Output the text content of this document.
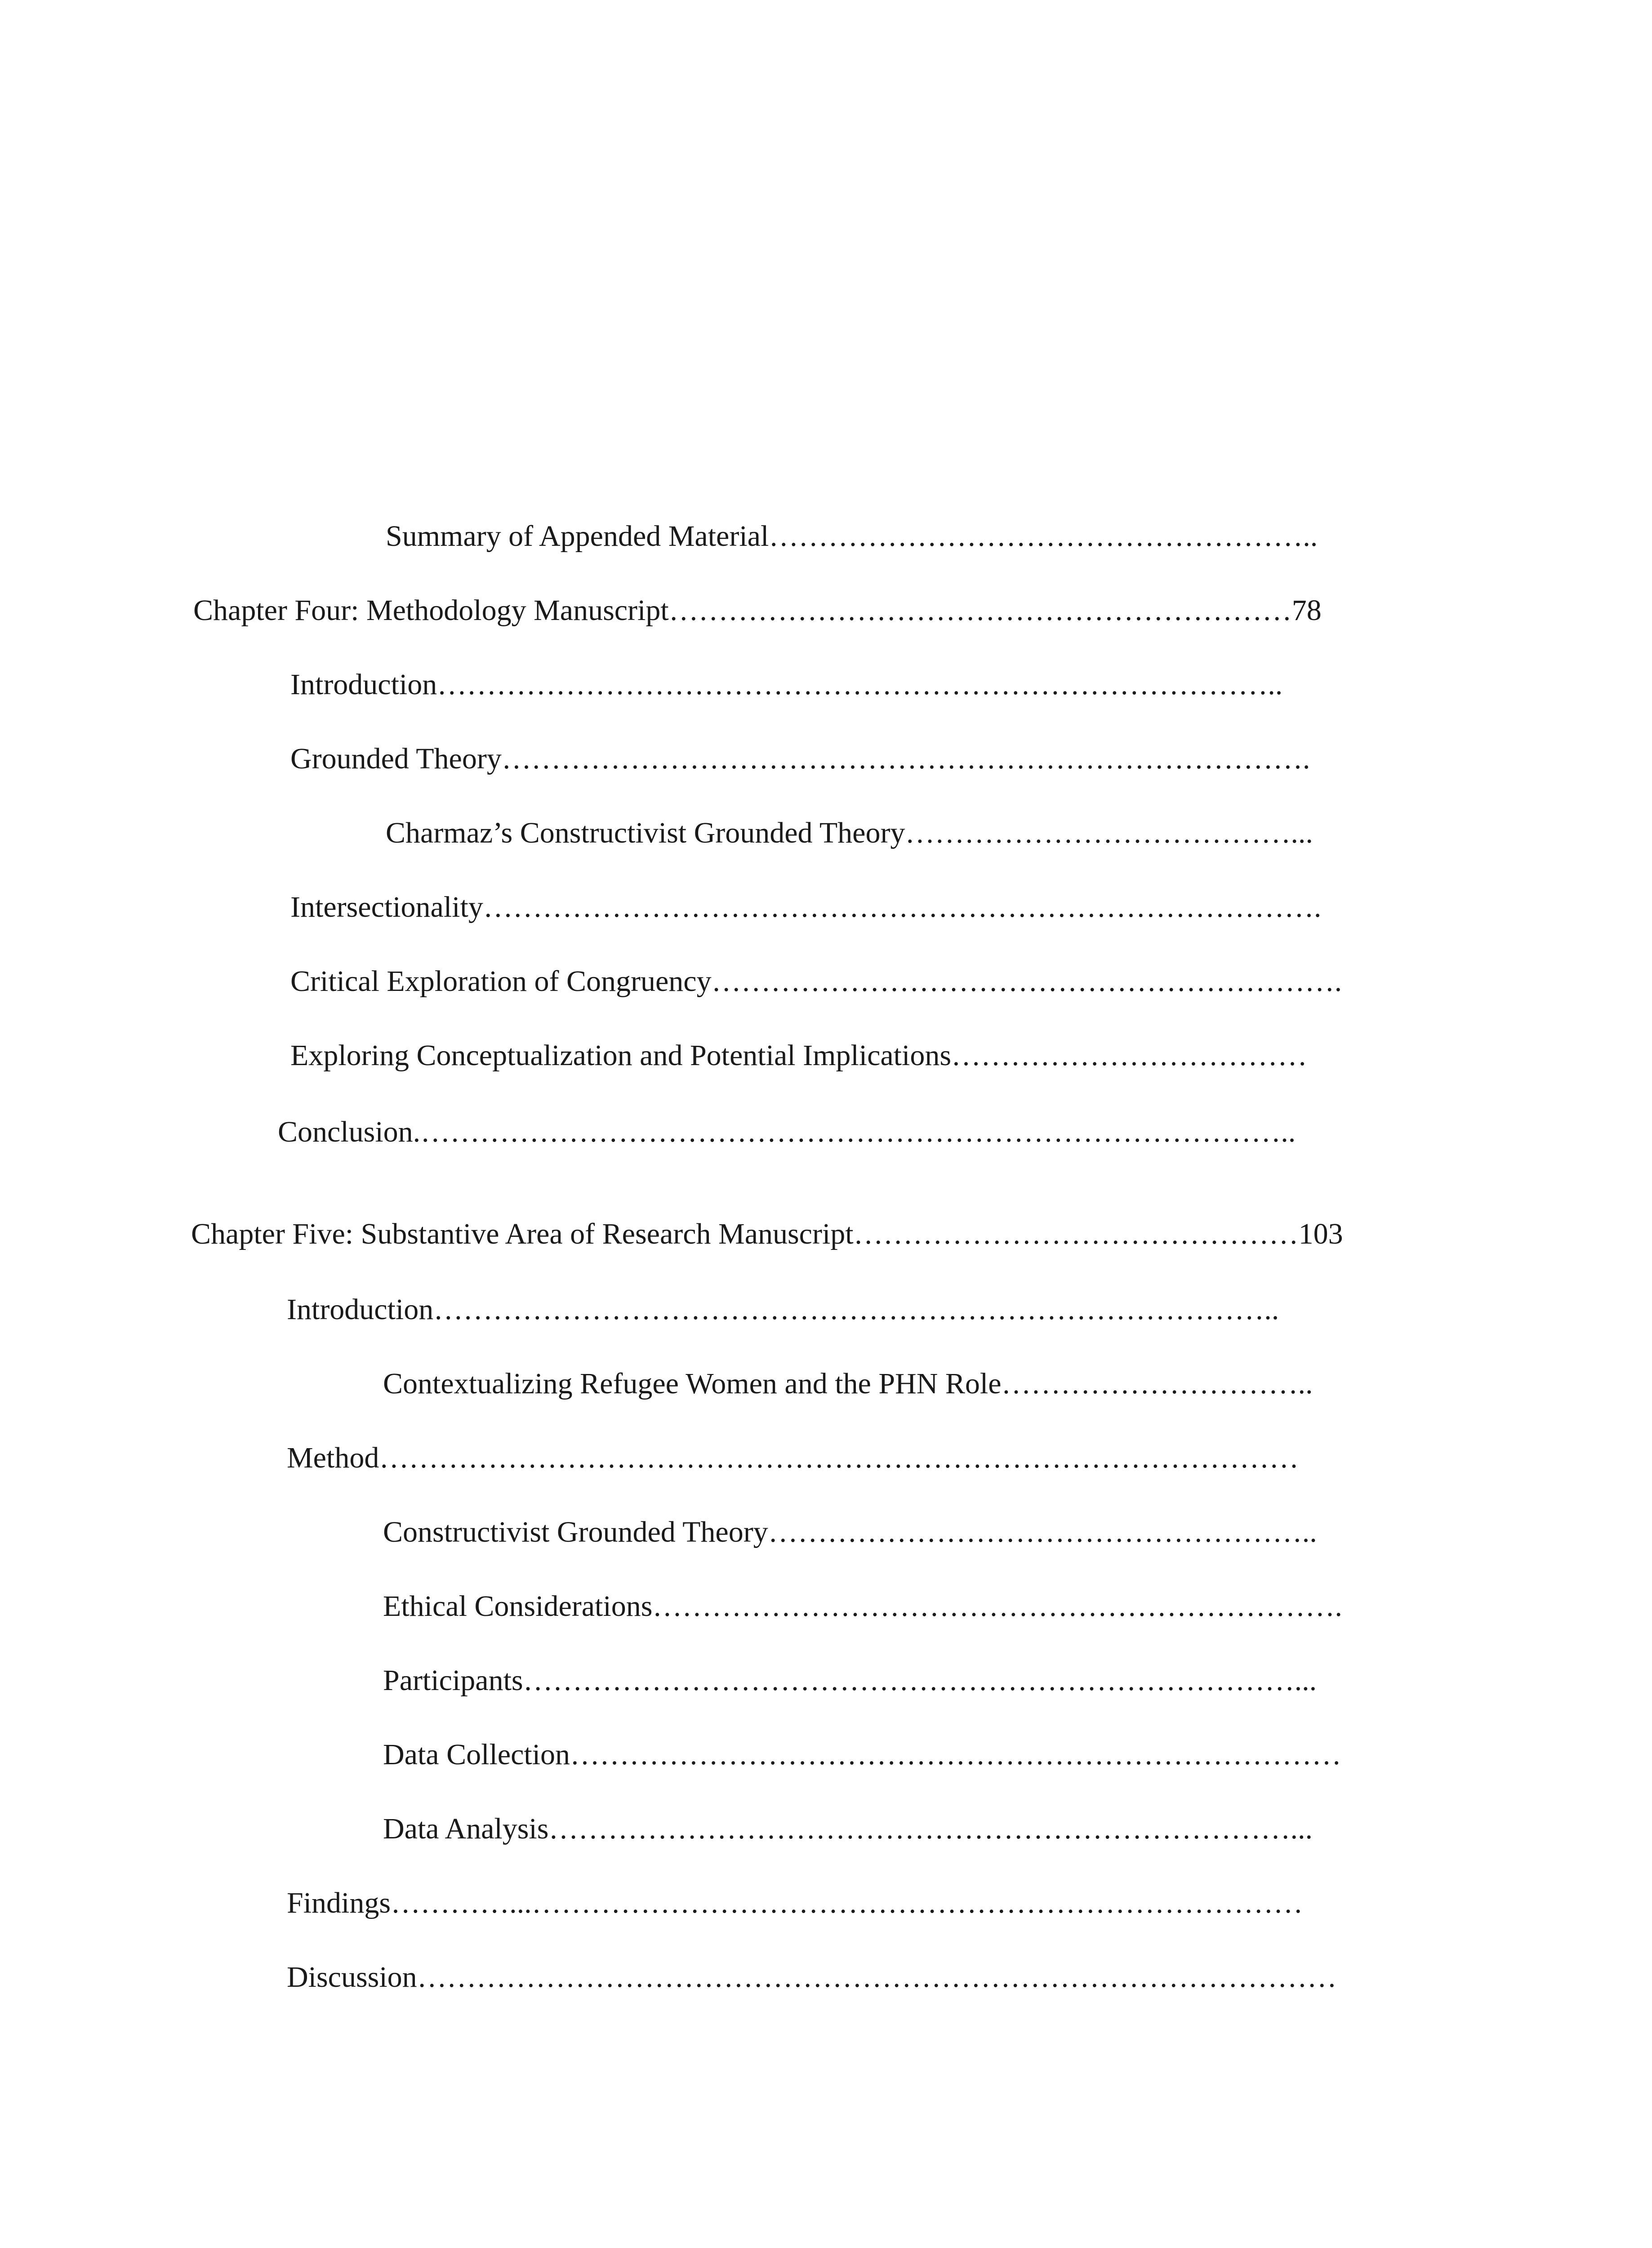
Summary of Appended Material………………………………………………..
Chapter Four: Methodology Manuscript………………………………………………………78
Introduction…………………………………………………………………………..
Grounded Theory……………………………………………………………………….
Charmaz’s Constructivist Grounded Theory…………………………………...
Intersectionality………………………………………………………………………….
Critical Exploration of Congruency……………………………………………………….
Exploring Conceptualization and Potential Implications………………………………
Conclusion.……………………………………………………………………………..
Chapter Five: Substantive Area of Research Manuscript………………………………………103
Introduction…………………………………………………………………………..
Contextualizing Refugee Women and the PHN Role…………………………..
Method…………………………………………………………………………………
Constructivist Grounded Theory………………………………………………..
Ethical Considerations…………………………………………………………….
Participants……………………………………………………………………...
Data Collection……………………………………………………………………
Data Analysis…………………………………………………………………...
Findings…………...……………………………………………………………………
Discussion…………………………………………………………………………………
